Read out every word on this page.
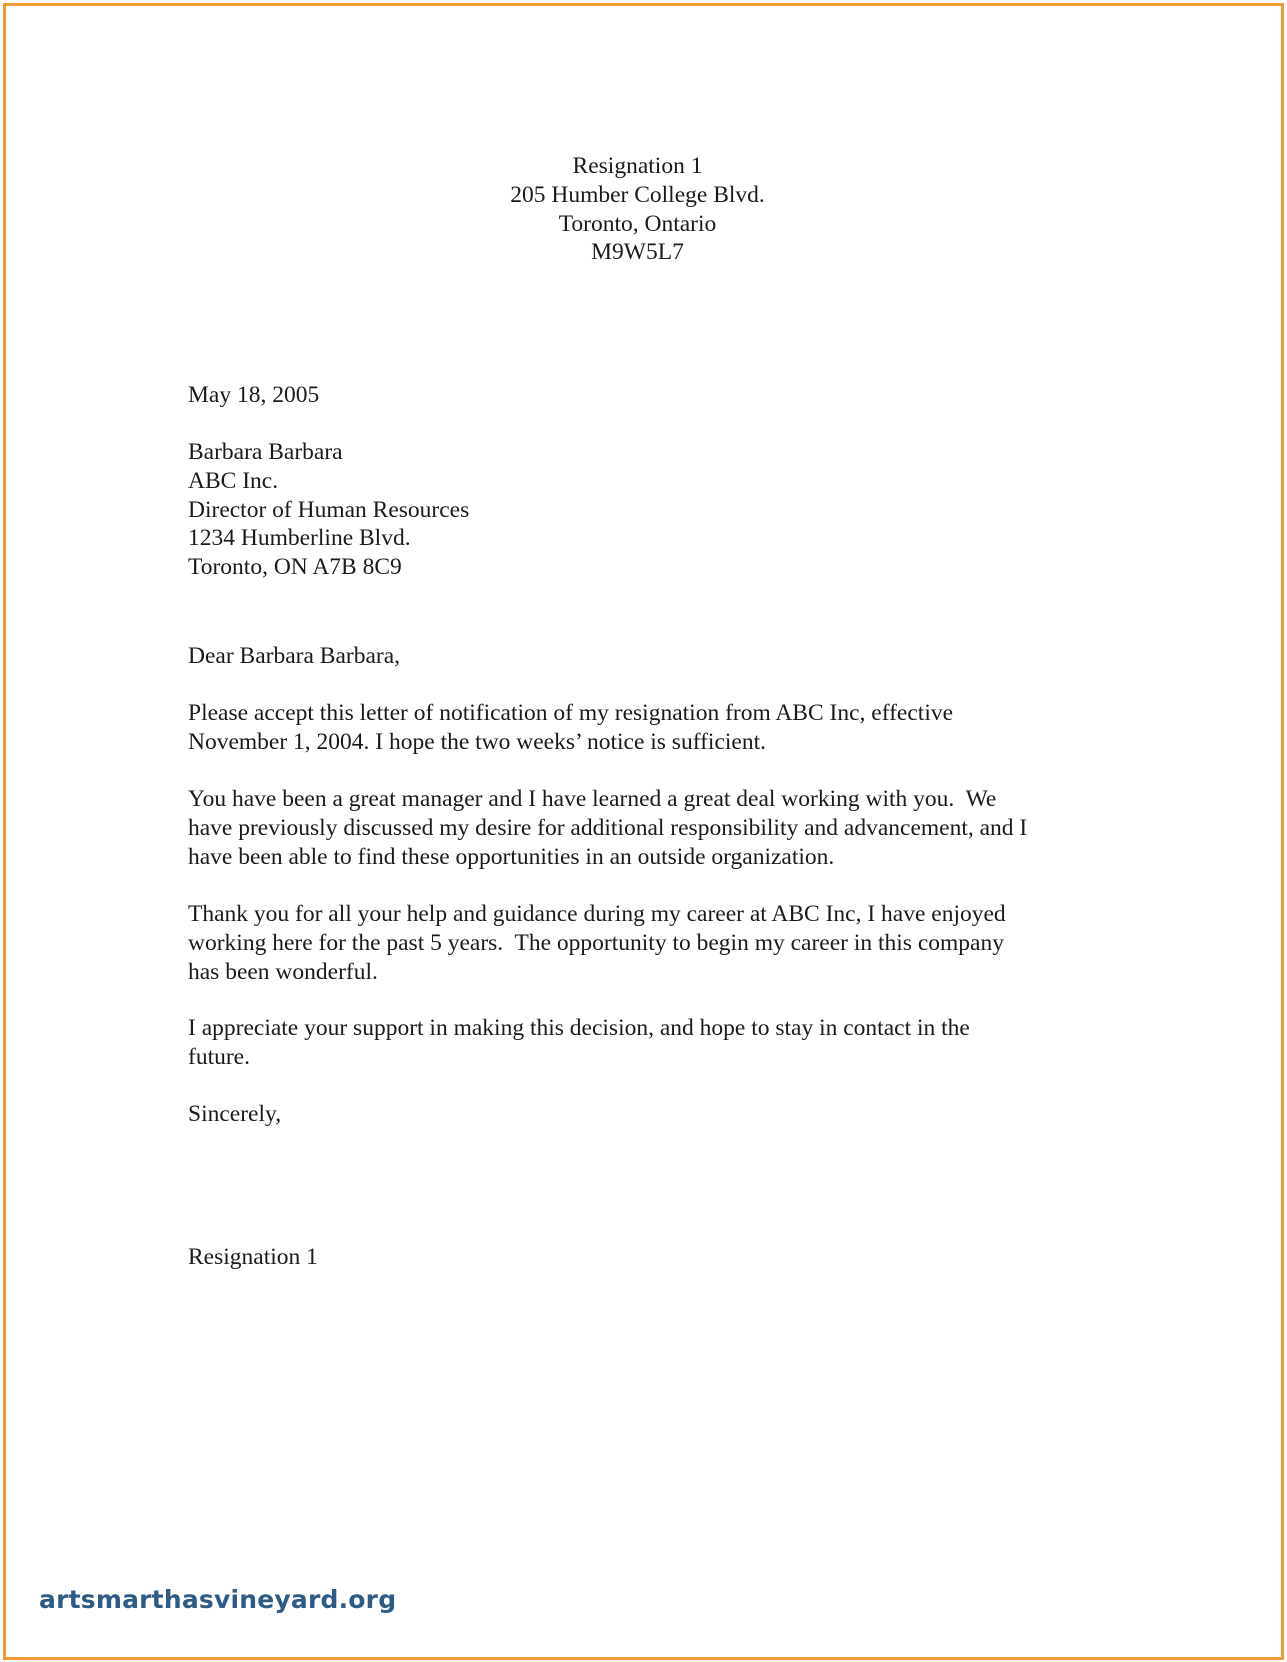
Resignation 1
205 Humber College Blvd.
Toronto, Ontario
M9W5L7
May 18, 2005
Barbara Barbara
ABC Inc.
Director of Human Resources
1234 Humberline Blvd.
Toronto, ON A7B 8C9
Dear Barbara Barbara,
Please accept this letter of notification of my resignation from ABC Inc, effective
November 1, 2004. I hope the two weeks’ notice is sufficient.
You have been a great manager and I have learned a great deal working with you.  We
have previously discussed my desire for additional responsibility and advancement, and I
have been able to find these opportunities in an outside organization.
Thank you for all your help and guidance during my career at ABC Inc, I have enjoyed
working here for the past 5 years.  The opportunity to begin my career in this company
has been wonderful.
I appreciate your support in making this decision, and hope to stay in contact in the
future.
Sincerely,
Resignation 1
artsmarthasvineyard.org
